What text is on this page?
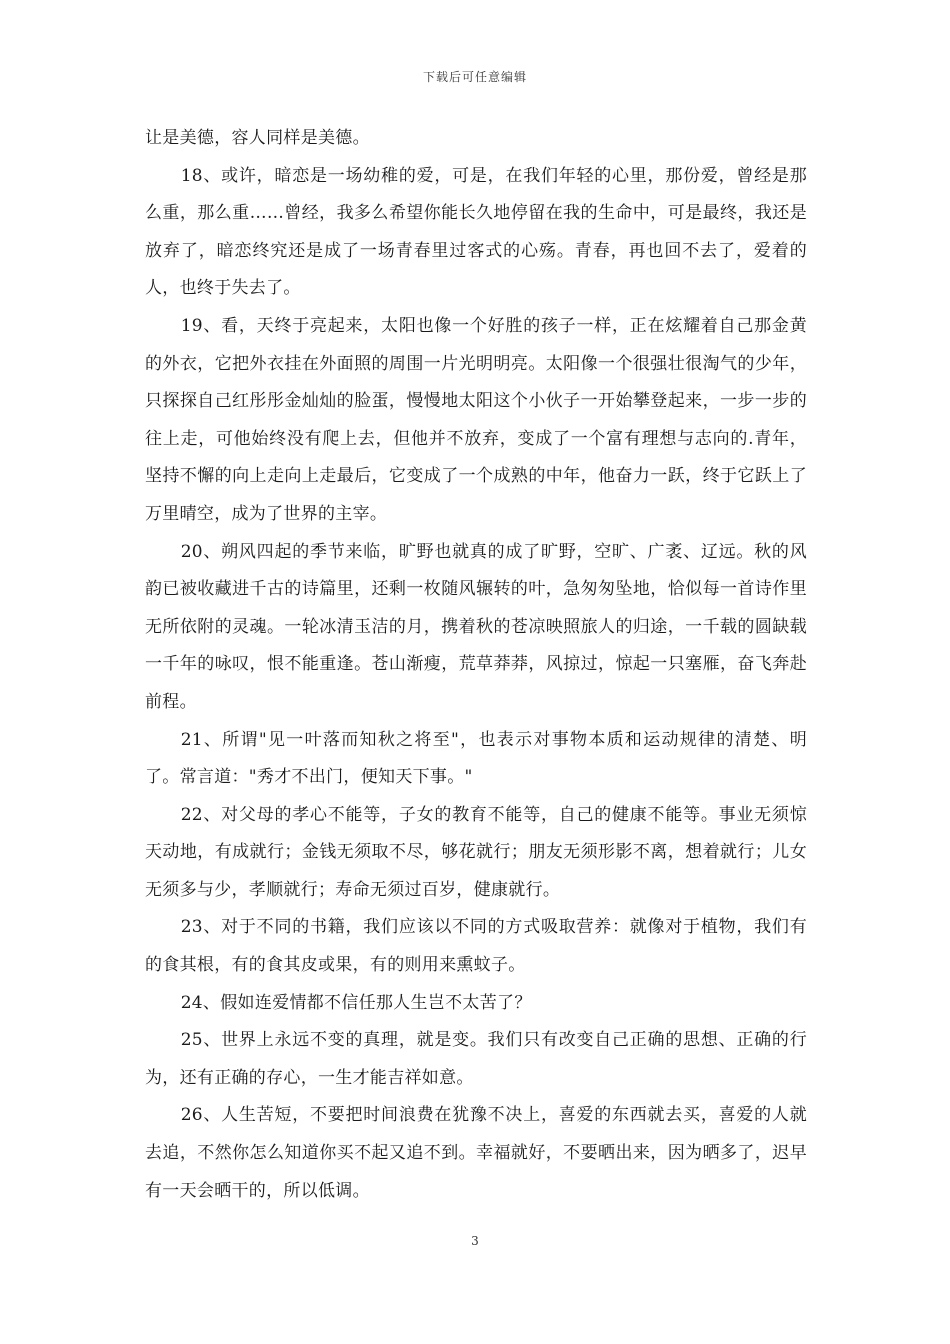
下载后可任意编辑

让是美德，容人同样是美德。

18、或许，暗恋是一场幼稚的爱，可是，在我们年轻的心里，那份爱，曾经是那么重，那么重……曾经，我多么希望你能长久地停留在我的生命中，可是最终，我还是放弃了，暗恋终究还是成了一场青春里过客式的心殇。青春，再也回不去了，爱着的人，也终于失去了。

19、看，天终于亮起来，太阳也像一个好胜的孩子一样，正在炫耀着自己那金黄的外衣，它把外衣挂在外面照的周围一片光明明亮。太阳像一个很强壮很淘气的少年，只探探自己红彤彤金灿灿的脸蛋，慢慢地太阳这个小伙子一开始攀登起来，一步一步的往上走，可他始终没有爬上去，但他并不放弃，变成了一个富有理想与志向的.青年，坚持不懈的向上走向上走最后，它变成了一个成熟的中年，他奋力一跃，终于它跃上了万里晴空，成为了世界的主宰。

20、朔风四起的季节来临，旷野也就真的成了旷野，空旷、广袤、辽远。秋的风韵已被收藏进千古的诗篇里，还剩一枚随风辗转的叶，急匆匆坠地，恰似每一首诗作里无所依附的灵魂。一轮冰清玉洁的月，携着秋的苍凉映照旅人的归途，一千载的圆缺载一千年的咏叹，恨不能重逢。苍山渐瘦，荒草莽莽，风掠过，惊起一只塞雁，奋飞奔赴前程。

21、所谓"见一叶落而知秋之将至"，也表示对事物本质和运动规律的清楚、明了。常言道："秀才不出门，便知天下事。"

22、对父母的孝心不能等，子女的教育不能等，自己的健康不能等。事业无须惊天动地，有成就行；金钱无须取不尽，够花就行；朋友无须形影不离，想着就行；儿女无须多与少，孝顺就行；寿命无须过百岁，健康就行。

23、对于不同的书籍，我们应该以不同的方式吸取营养：就像对于植物，我们有的食其根，有的食其皮或果，有的则用来熏蚊子。

24、假如连爱情都不信任那人生岂不太苦了？

25、世界上永远不变的真理，就是变。我们只有改变自己正确的思想、正确的行为，还有正确的存心，一生才能吉祥如意。

26、人生苦短，不要把时间浪费在犹豫不决上，喜爱的东西就去买，喜爱的人就去追，不然你怎么知道你买不起又追不到。幸福就好，不要晒出来，因为晒多了，迟早有一天会晒干的，所以低调。

3
